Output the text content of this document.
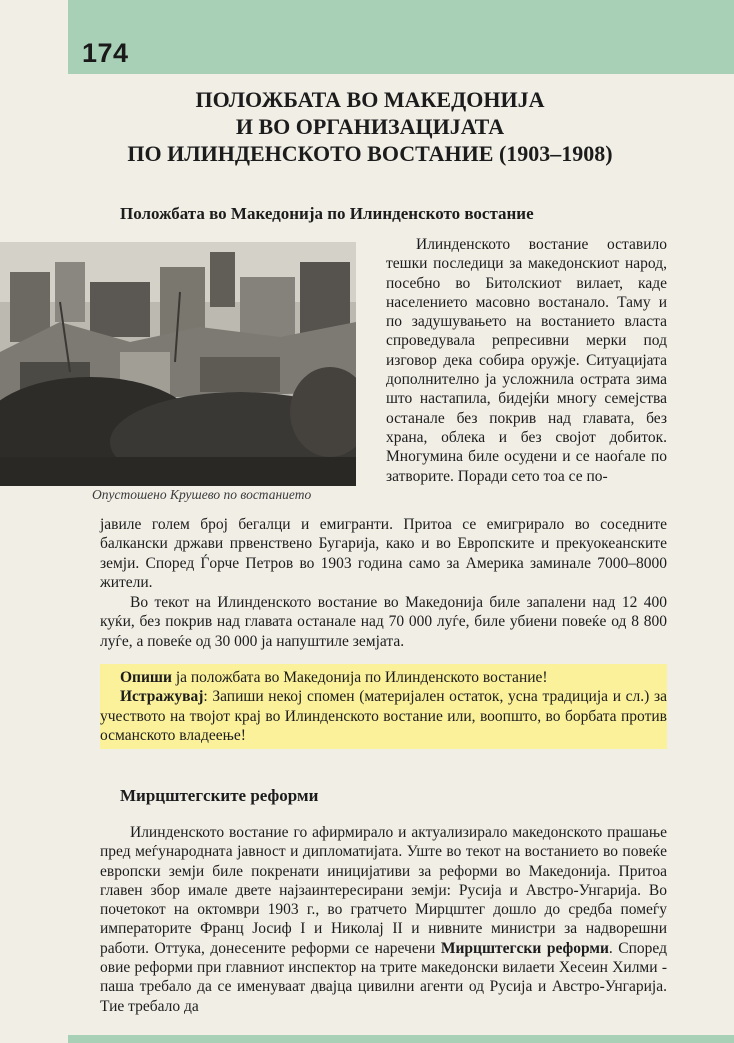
174
ПОЛОЖБАТА ВО МАКЕДОНИЈА
И ВО ОРГАНИЗАЦИЈАТА
ПО ИЛИНДЕНСКОТО ВОСТАНИЕ (1903–1908)
Положбата во Македонија по Илинденското востание
Опустошено Крушево по востанието
Илинденското востание оставило тешки последици за македонскиот народ, посебно во Битолскиот вилает, каде населението масовно востанало. Таму и по задушувањето на востанието власта спроведувала репресивни мерки под изговор дека собира оружје. Ситуацијата дополнително ја усложнила острата зима што настапила, бидејќи многу семејства останале без покрив над главата, без храна, облека и без својот добиток. Многумина биле осудени и се наоѓале по затворите. Поради сето тоа се по-
јавиле голем број бегалци и емигранти. Притоа се емигрирало во соседните балкански држави првенствено Бугарија, како и во Европските и прекуокеанските земји. Според Ѓорче Петров во 1903 година само за Америка заминале 7000–8000 жители.
Во текот на Илинденското востание во Македонија биле запалени над 12 400 куќи, без покрив над главата останале над 70 000 луѓе, биле убиени повеќе од 8 800 луѓе, а повеќе од 30 000 ја напуштиле земјата.

Опиши ја положбата во Македонија по Илинденското востание!

Истражувај: Запиши некој спомен (материјален остаток, усна традиција и сл.) за учеството на твојот крај во Илинденското востание или, воопшто, во борбата против османското владеење!

Мирцштегските реформи
Илинденското востание го афирмирало и актуализирало македонското прашање пред меѓународната јавност и дипломатијата. Уште во текот на востанието во повеќе европски земји биле покренати иницијативи за реформи во Македонија. Притоа главен збор имале двете најзаинтересирани земји: Русија и Австро-Унгарија. Во почетокот на октомври 1903 г., во гратчето Мирцштег дошло до средба помеѓу императорите Франц Јосиф I и Николај II и нивните министри за надворешни работи. Оттука, донесените реформи се наречени Мирцштегски реформи. Според овие реформи при главниот инспектор на трите македонски вилаети Хесеин Хилми - паша требало да се именуваат двајца цивилни агенти од Русија и Австро-Унгарија. Тие требало да
